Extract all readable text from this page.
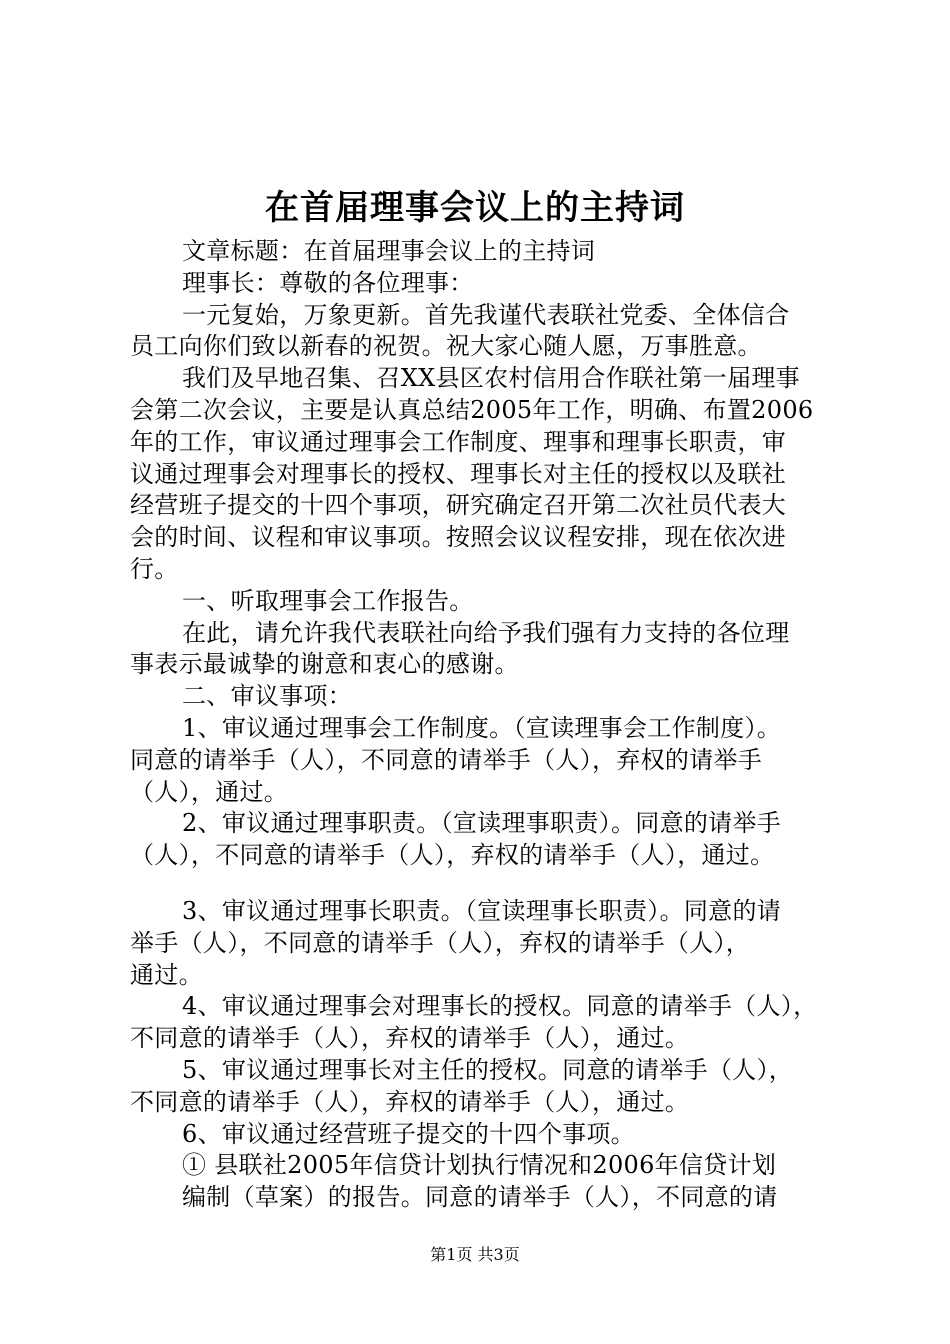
在首届理事会议上的主持词
文章标题：在首届理事会议上的主持词
理事长：尊敬的各位理事：
一元复始，万象更新。首先我谨代表联社党委、全体信合
员工向你们致以新春的祝贺。祝大家心随人愿，万事胜意。
我们及早地召集、召XX县区农村信用合作联社第一届理事
会第二次会议，主要是认真总结2005年工作，明确、布置2006
年的工作，审议通过理事会工作制度、理事和理事长职责，审
议通过理事会对理事长的授权、理事长对主任的授权以及联社
经营班子提交的十四个事项，研究确定召开第二次社员代表大
会的时间、议程和审议事项。按照会议议程安排，现在依次进
行。
一、听取理事会工作报告。
在此，请允许我代表联社向给予我们强有力支持的各位理
事表示最诚挚的谢意和衷心的感谢。
二、审议事项：
1、审议通过理事会工作制度。（宣读理事会工作制度）。
同意的请举手（人），不同意的请举手（人），弃权的请举手
（人），通过。
2、审议通过理事职责。（宣读理事职责）。同意的请举手
（人），不同意的请举手（人），弃权的请举手（人），通过。
3、审议通过理事长职责。（宣读理事长职责）。同意的请
举手（人），不同意的请举手（人），弃权的请举手（人），
通过。
4、审议通过理事会对理事长的授权。同意的请举手（人），
不同意的请举手（人），弃权的请举手（人），通过。
5、审议通过理事长对主任的授权。同意的请举手（人），
不同意的请举手（人），弃权的请举手（人），通过。
6、审议通过经营班子提交的十四个事项。
① 县联社2005年信贷计划执行情况和2006年信贷计划
编制（草案）的报告。同意的请举手（人），不同意的请
第1页 共3页
